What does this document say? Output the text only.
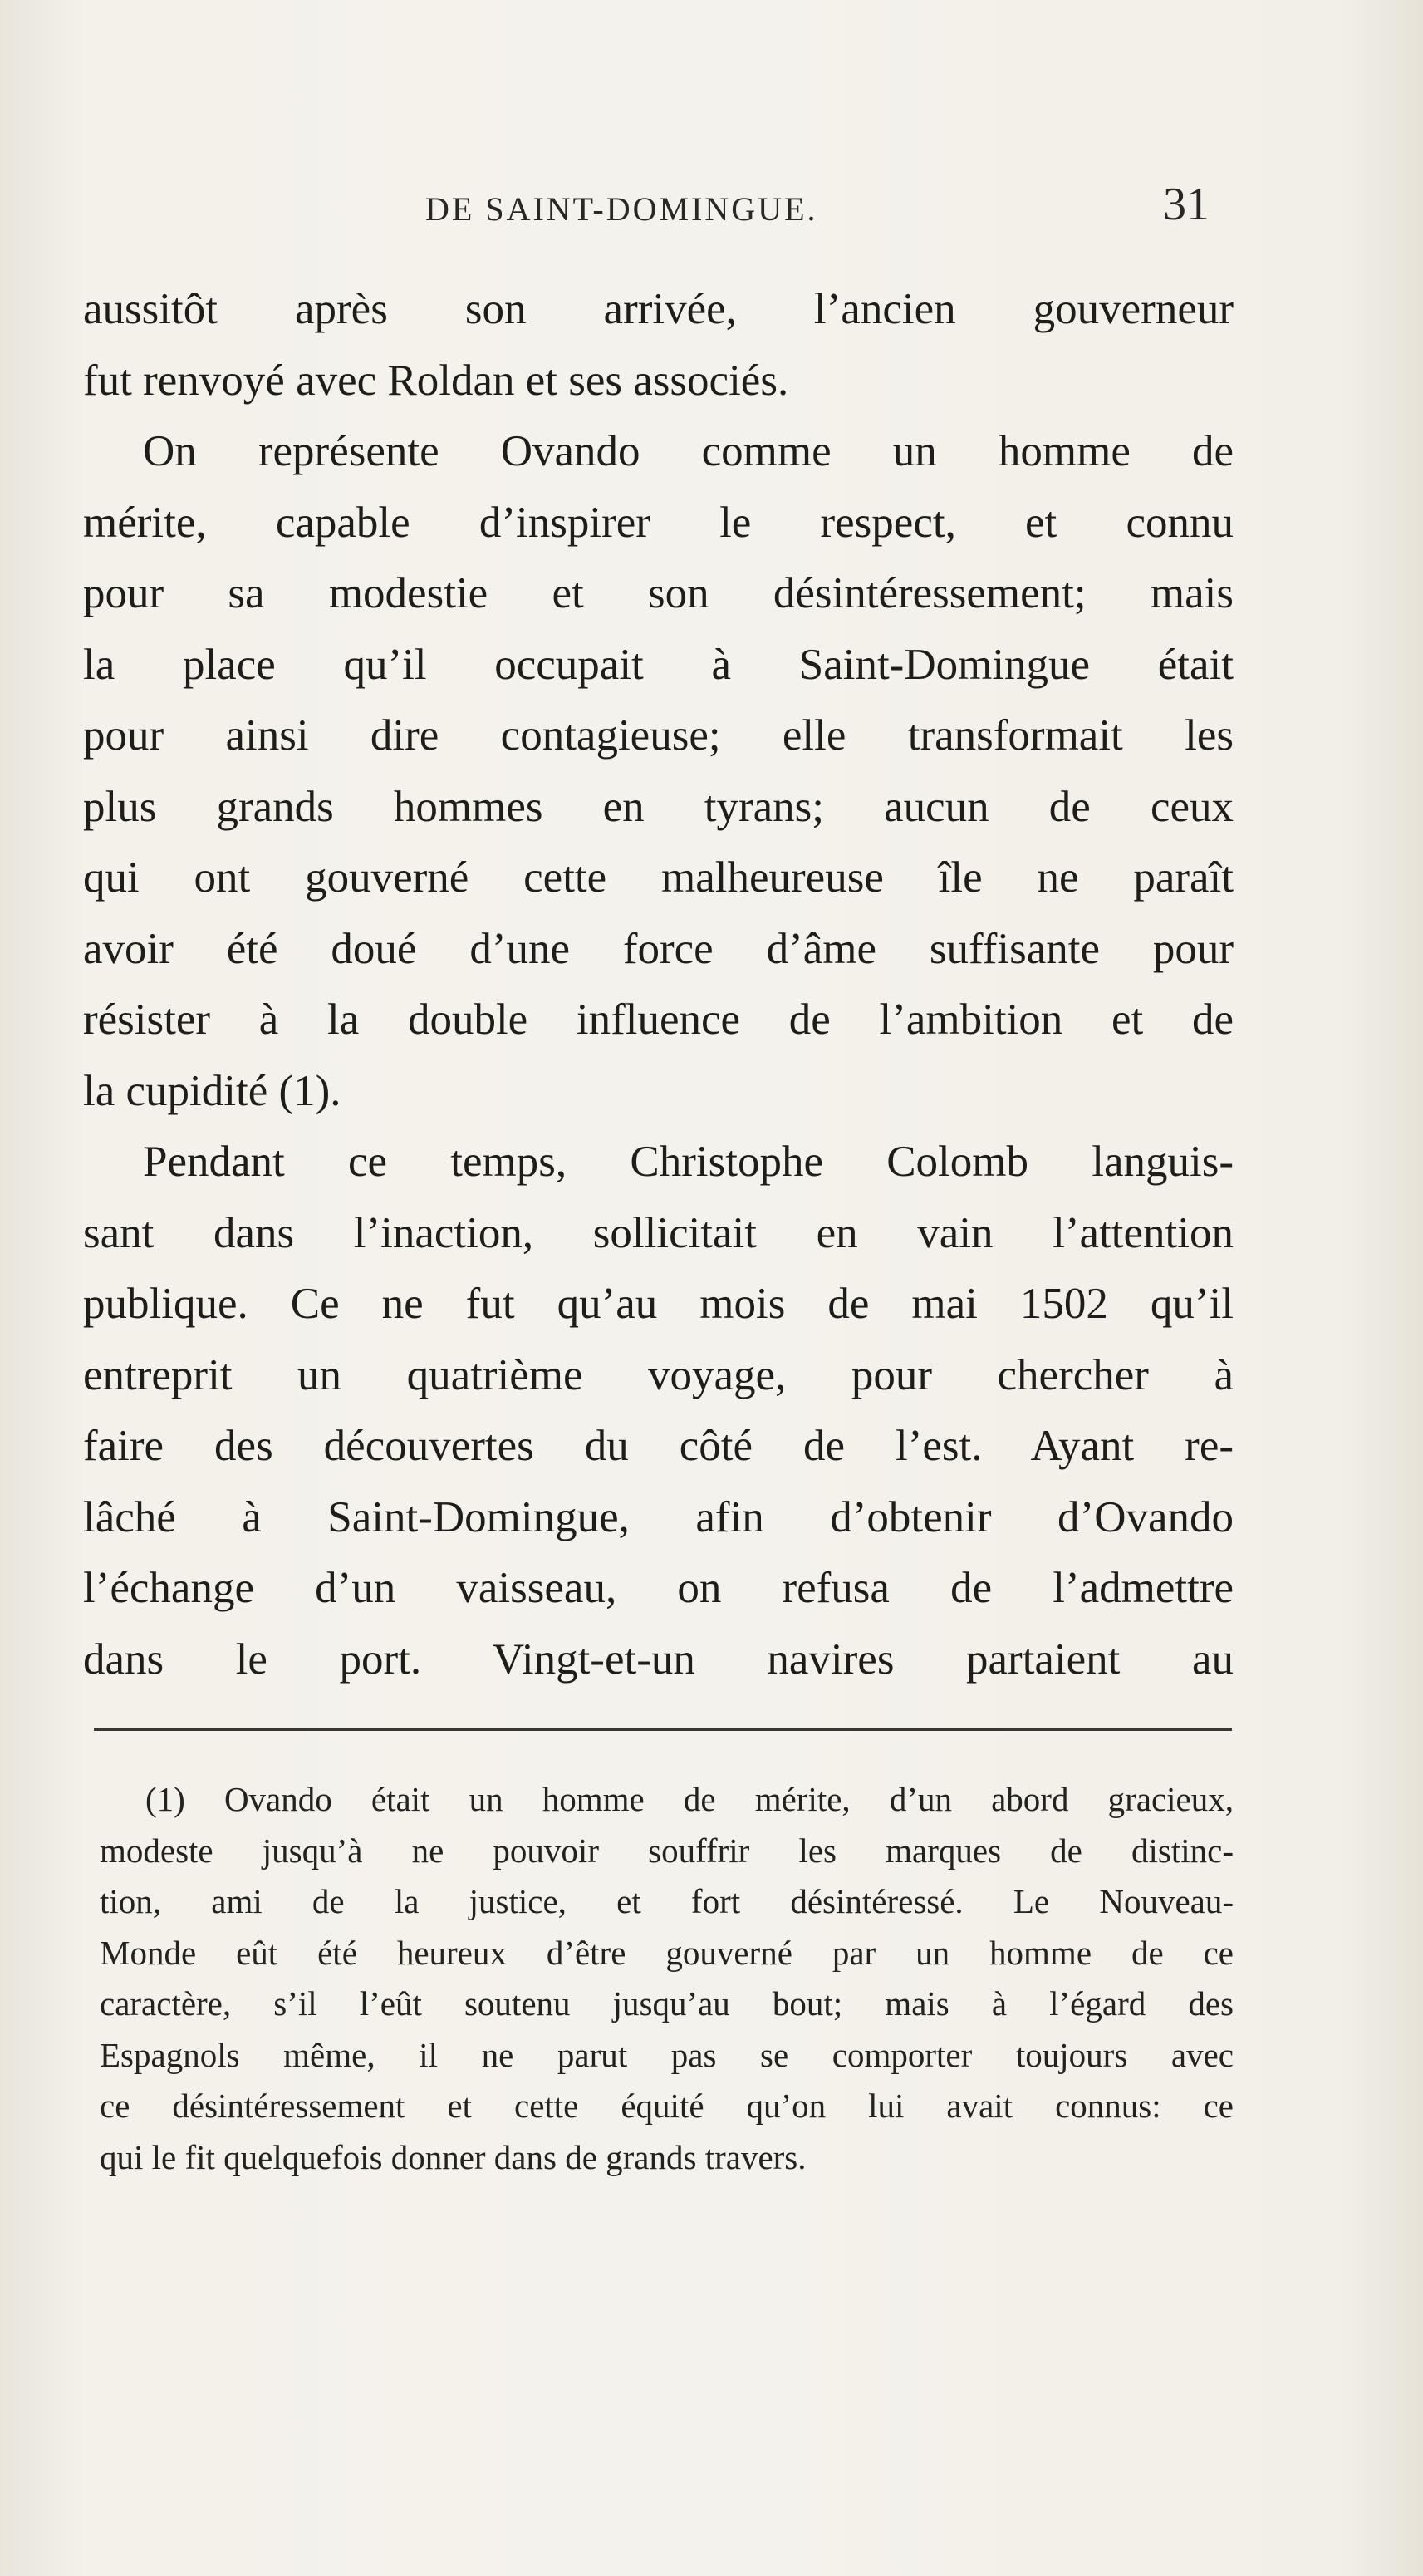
DE SAINT-DOMINGUE.	31
aussitôt après son arrivée, l’ancien gouverneur
fut renvoyé avec Roldan et ses associés.
On représente Ovando comme un homme de
mérite, capable d’inspirer le respect, et connu
pour sa modestie et son désintéressement; mais
la place qu’il occupait à Saint-Domingue était
pour ainsi dire contagieuse; elle transformait les
plus grands hommes en tyrans; aucun de ceux
qui ont gouverné cette malheureuse île ne paraît
avoir été doué d’une force d’âme suffisante pour
résister à la double influence de l’ambition et de
la cupidité (1).
Pendant ce temps, Christophe Colomb languis-
sant dans l’inaction, sollicitait en vain l’attention
publique. Ce ne fut qu’au mois de mai 1502 qu’il
entreprit un quatrième voyage, pour chercher à
faire des découvertes du côté de l’est. Ayant re-
lâché à Saint-Domingue, afin d’obtenir d’Ovando
l’échange d’un vaisseau, on refusa de l’admettre
dans le port. Vingt-et-un navires partaient au
(1) Ovando était un homme de mérite, d’un abord gracieux,
modeste jusqu’à ne pouvoir souffrir les marques de distinc-
tion, ami de la justice, et fort désintéressé. Le Nouveau-
Monde eût été heureux d’être gouverné par un homme de ce
caractère, s’il l’eût soutenu jusqu’au bout; mais à l’égard des
Espagnols même, il ne parut pas se comporter toujours avec
ce désintéressement et cette équité qu’on lui avait connus: ce
qui le fit quelquefois donner dans de grands travers.
